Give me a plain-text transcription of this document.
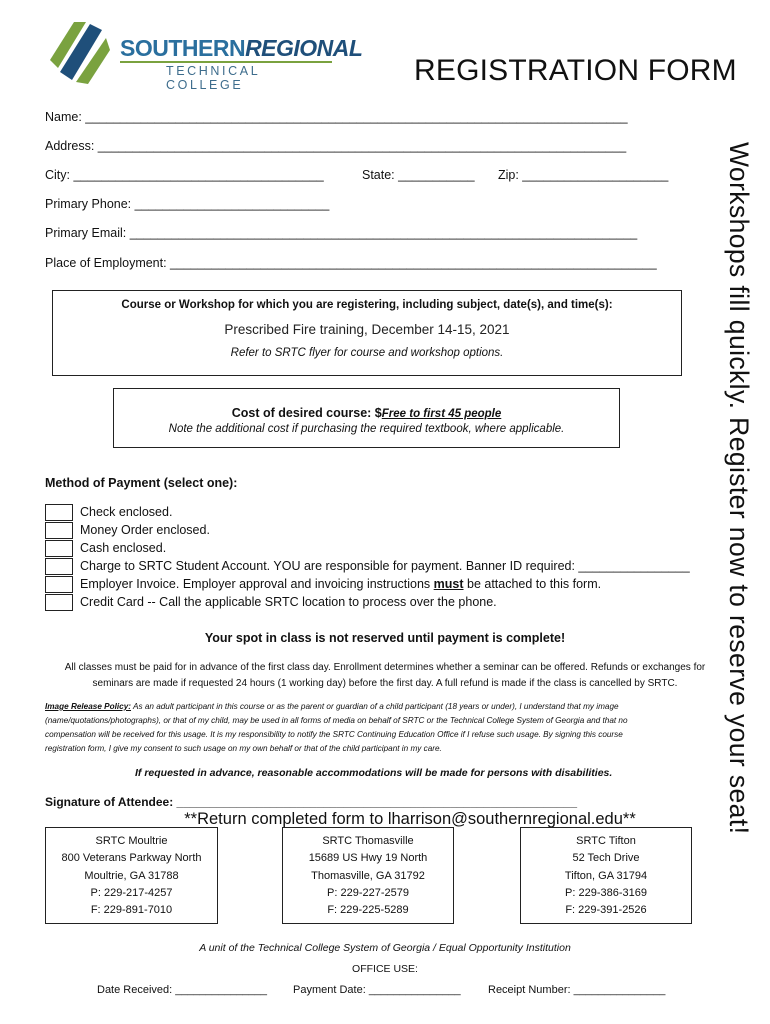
SOUTHERNREGIONAL
TECHNICAL COLLEGE	REGISTRATION FORM
Name: ______________________________________________________________________________
Address: ____________________________________________________________________________
City: ____________________________________	State: ___________ Zip: _____________________
Primary Phone: ____________________________
Primary Email: _________________________________________________________________________
Place of Employment: ______________________________________________________________________	Workshops fill quickly. Register now to reserve your seat!
Course or Workshop for which you are registering, including subject, date(s), and time(s):
Prescribed Fire training, December 14-15, 2021
Refer to SRTC flyer for course and workshop options.
Cost of desired course: $Free to first 45 people
Note the additional cost if purchasing the required textbook, where applicable.
Method of Payment (select one):
Check enclosed.
Money Order enclosed.
Cash enclosed.
Charge to SRTC Student Account. YOU are responsible for payment. Banner ID required: ________________
Employer Invoice. Employer approval and invoicing instructions must be attached to this form.
Credit Card -- Call the applicable SRTC location to process over the phone.
Your spot in class is not reserved until payment is complete!
All classes must be paid for in advance of the first class day. Enrollment determines whether a seminar can be offered. Refunds or exchanges for
seminars are made if requested 24 hours (1 working day) before the first day. A full refund is made if the class is cancelled by SRTC.
Image Release Policy: As an adult participant in this course or as the parent or guardian of a child participant (18 years or under), I understand that my image
(name/quotations/photographs), or that of my child, may be used in all forms of media on behalf of SRTC or the Technical College System of Georgia and that no
compensation will be received for this usage. It is my responsibility to notify the SRTC Continuing Education Office if I refuse such usage. By signing this course
registration form, I give my consent to such usage on my own behalf or that of the child participant in my care.
If requested in advance, reasonable accommodations will be made for persons with disabilities.
Signature of Attendee: ____________________________________________________________
**Return completed form to lharrison@southernregional.edu**
SRTC Moultrie
800 Veterans Parkway North
Moultrie, GA 31788
P: 229-217-4257
F: 229-891-7010
SRTC Thomasville
15689 US Hwy 19 North
Thomasville, GA 31792
P: 229-227-2579
F: 229-225-5289
SRTC Tifton
52 Tech Drive
Tifton, GA 31794
P: 229-386-3169
F: 229-391-2526
A unit of the Technical College System of Georgia / Equal Opportunity Institution
OFFICE USE:
Date Received: _______________ Payment Date: _______________ Receipt Number: _______________
